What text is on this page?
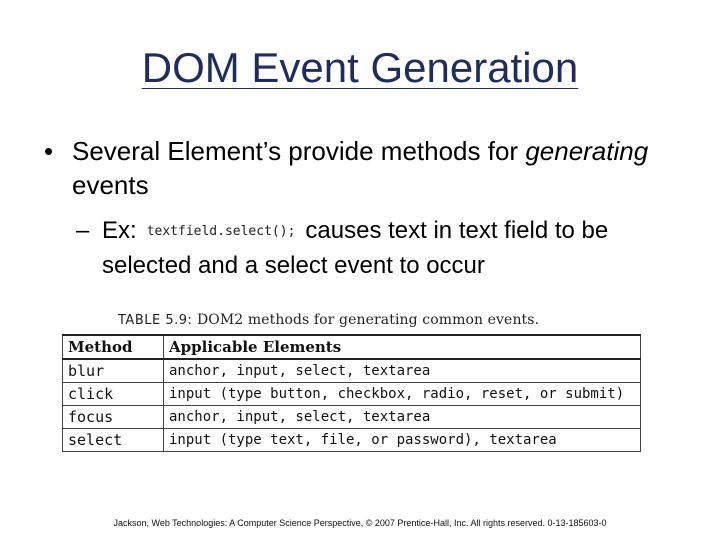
DOM Event Generation
• Several Element’s provide methods for generating events
– Ex: textfield.select(); causes text in text field to be selected and a select event to occur
TABLE 5.9: DOM2 methods for generating common events.
Method	Applicable Elements
blur	anchor, input, select, textarea
click	input (type button, checkbox, radio, reset, or submit)
focus	anchor, input, select, textarea
select	input (type text, file, or password), textarea
Jackson, Web Technologies: A Computer Science Perspective, © 2007 Prentice-Hall, Inc. All rights reserved. 0-13-185603-0
